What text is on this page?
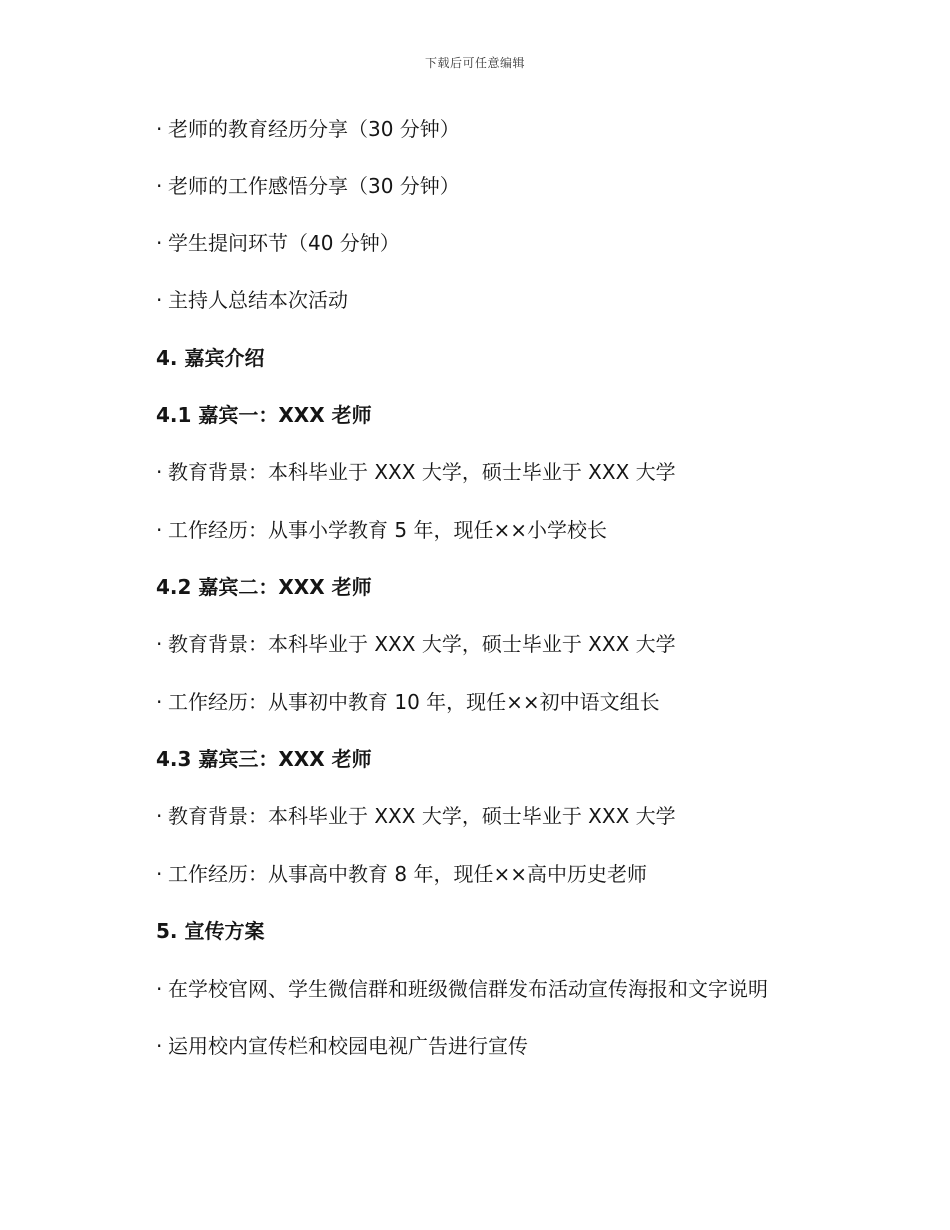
下载后可任意编辑
· 老师的教育经历分享（30 分钟）
· 老师的工作感悟分享（30 分钟）
· 学生提问环节（40 分钟）
· 主持人总结本次活动
4. 嘉宾介绍
4.1 嘉宾一：XXX 老师
· 教育背景：本科毕业于 XXX 大学，硕士毕业于 XXX 大学
· 工作经历：从事小学教育 5 年，现任××小学校长
4.2 嘉宾二：XXX 老师
· 教育背景：本科毕业于 XXX 大学，硕士毕业于 XXX 大学
· 工作经历：从事初中教育 10 年，现任××初中语文组长
4.3 嘉宾三：XXX 老师
· 教育背景：本科毕业于 XXX 大学，硕士毕业于 XXX 大学
· 工作经历：从事高中教育 8 年，现任××高中历史老师
5. 宣传方案
· 在学校官网、学生微信群和班级微信群发布活动宣传海报和文字说明
· 运用校内宣传栏和校园电视广告进行宣传
